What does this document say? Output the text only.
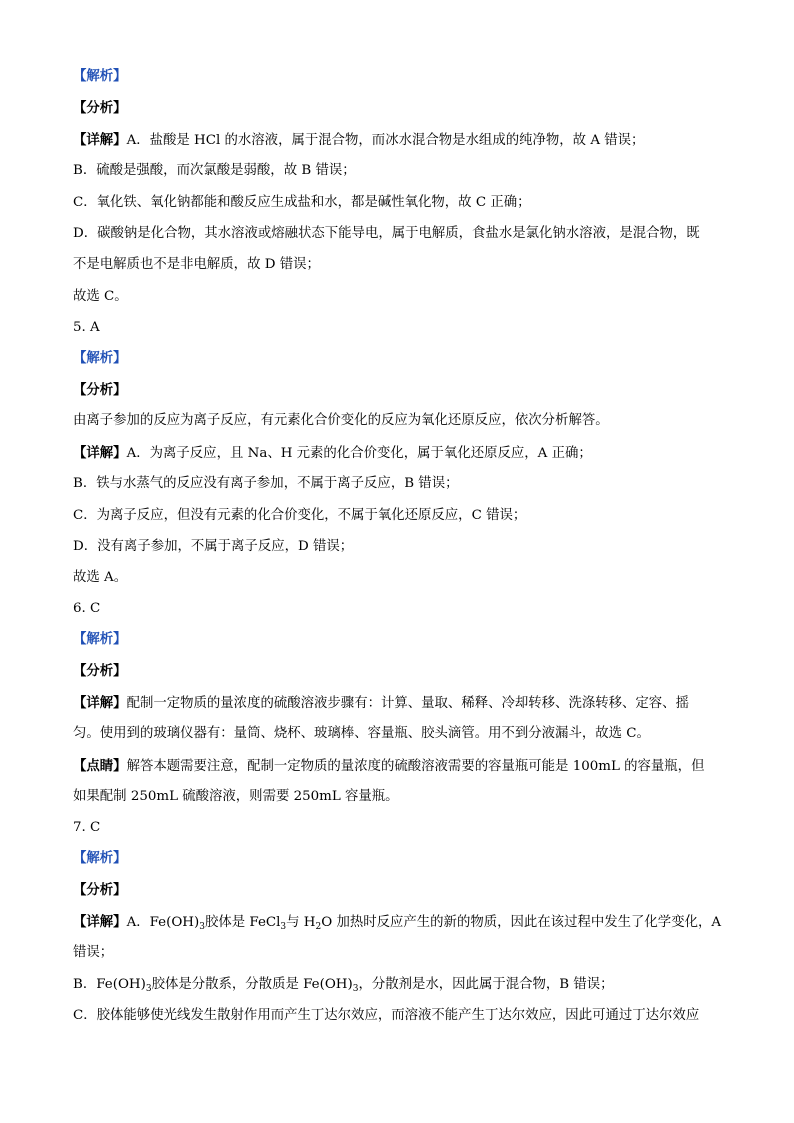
【解析】
【分析】
【详解】A．盐酸是 HCl 的水溶液，属于混合物，而冰水混合物是水组成的纯净物，故 A 错误；
B．硫酸是强酸，而次氯酸是弱酸，故 B 错误；
C．氧化铁、氧化钠都能和酸反应生成盐和水，都是碱性氧化物，故 C 正确；
D．碳酸钠是化合物，其水溶液或熔融状态下能导电，属于电解质，食盐水是氯化钠水溶液，是混合物，既
不是电解质也不是非电解质，故 D 错误；
故选 C。
5. A
【解析】
【分析】
由离子参加的反应为离子反应，有元素化合价变化的反应为氧化还原反应，依次分析解答。
【详解】A．为离子反应，且 Na、H 元素的化合价变化，属于氧化还原反应，A 正确；
B．铁与水蒸气的反应没有离子参加，不属于离子反应，B 错误；
C．为离子反应，但没有元素的化合价变化，不属于氧化还原反应，C 错误；
D．没有离子参加，不属于离子反应，D 错误；
故选 A。
6. C
【解析】
【分析】
【详解】配制一定物质的量浓度的硫酸溶液步骤有：计算、量取、稀释、冷却转移、洗涤转移、定容、摇
匀。使用到的玻璃仪器有：量筒、烧杯、玻璃棒、容量瓶、胶头滴管。用不到分液漏斗，故选 C。
【点睛】解答本题需要注意，配制一定物质的量浓度的硫酸溶液需要的容量瓶可能是 100mL 的容量瓶，但
如果配制 250mL 硫酸溶液，则需要 250mL 容量瓶。
7. C
【解析】
【分析】
【详解】A．$Fe(OH)_3$胶体是 FeCl$_3$与 $H_2O$ 加热时反应产生的新的物质，因此在该过程中发生了化学变化，A
错误；
B．$Fe(OH)_3$胶体是分散系，分散质是 $Fe(OH)_3$，分散剂是水，因此属于混合物，B 错误；
C．胶体能够使光线发生散射作用而产生丁达尔效应，而溶液不能产生丁达尔效应，因此可通过丁达尔效应
